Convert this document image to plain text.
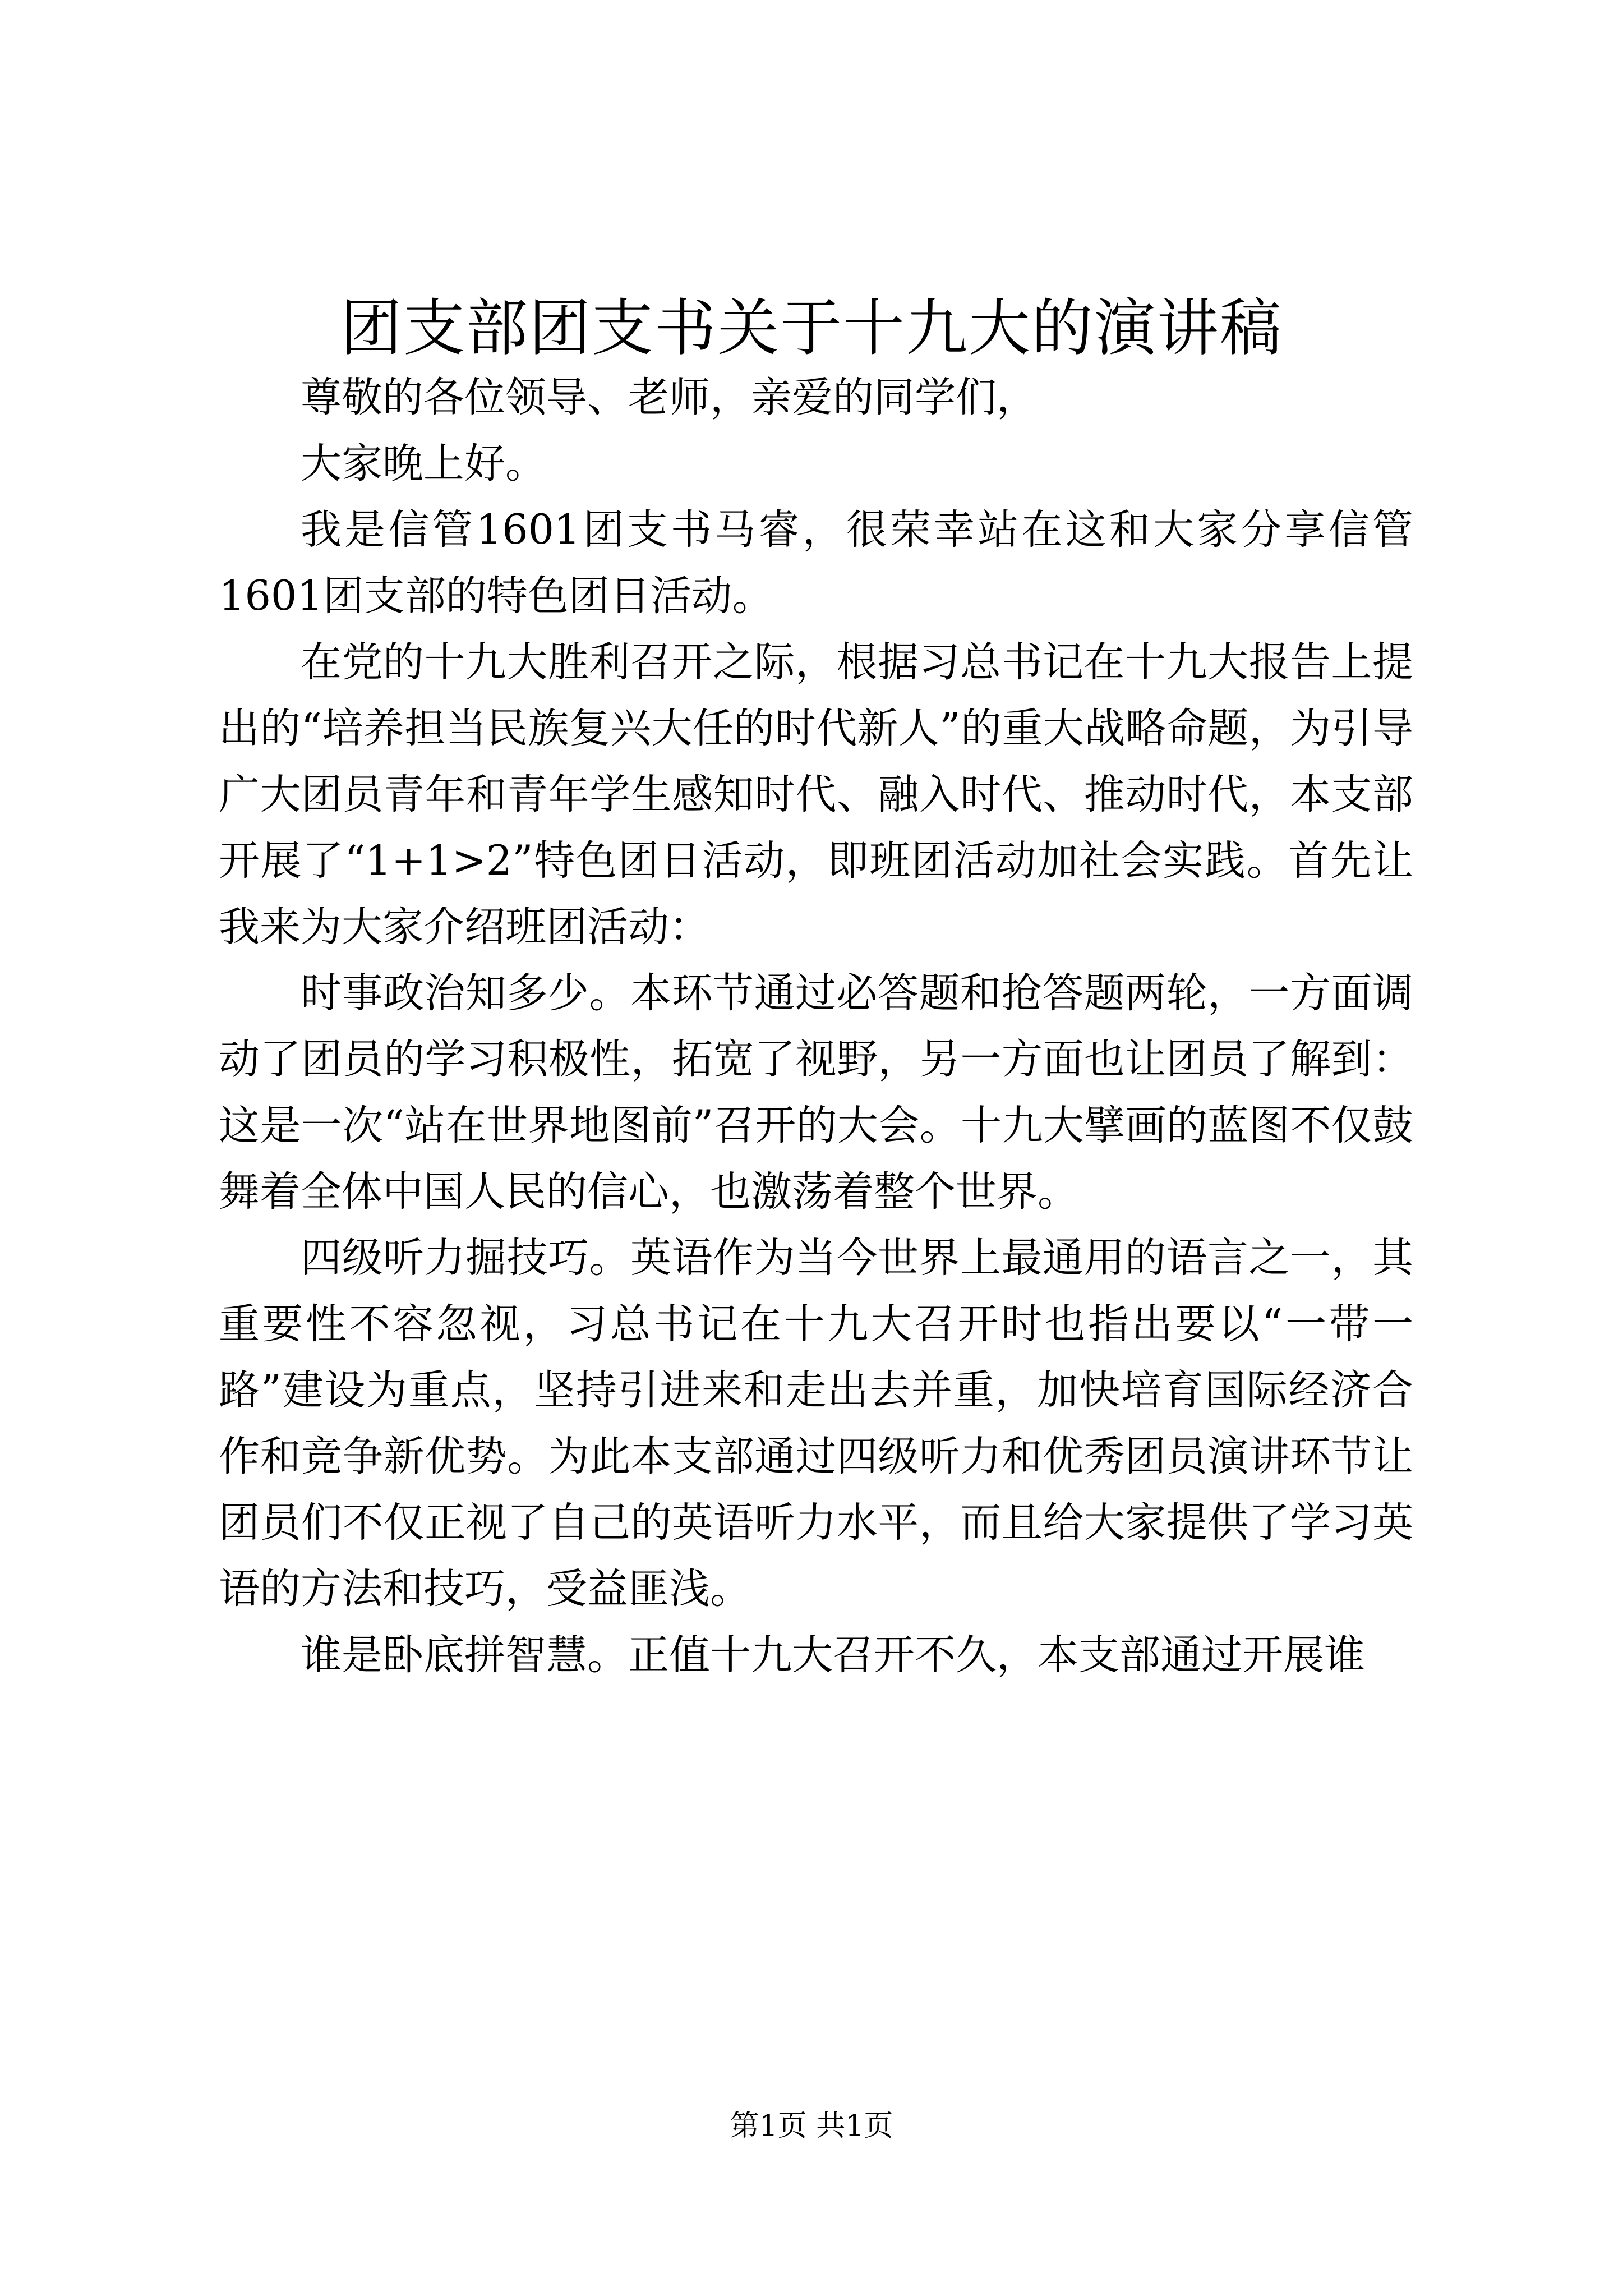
团支部团支书关于十九大的演讲稿

尊敬的各位领导、老师，亲爱的同学们，

大家晚上好。

我是信管1601团支书马睿，很荣幸站在这和大家分享信管1601团支部的特色团日活动。

在党的十九大胜利召开之际，根据习总书记在十九大报告上提出的“培养担当民族复兴大任的时代新人”的重大战略命题，为引导广大团员青年和青年学生感知时代、融入时代、推动时代，本支部开展了“1+1>2”特色团日活动，即班团活动加社会实践。首先让我来为大家介绍班团活动：

时事政治知多少。本环节通过必答题和抢答题两轮，一方面调动了团员的学习积极性，拓宽了视野，另一方面也让团员了解到：这是一次“站在世界地图前”召开的大会。十九大擘画的蓝图不仅鼓舞着全体中国人民的信心，也激荡着整个世界。

四级听力掘技巧。英语作为当今世界上最通用的语言之一，其重要性不容忽视，习总书记在十九大召开时也指出要以“一带一路”建设为重点，坚持引进来和走出去并重，加快培育国际经济合作和竞争新优势。为此本支部通过四级听力和优秀团员演讲环节让团员们不仅正视了自己的英语听力水平，而且给大家提供了学习英语的方法和技巧，受益匪浅。

谁是卧底拼智慧。正值十九大召开不久，本支部通过开展谁

第1页 共1页
